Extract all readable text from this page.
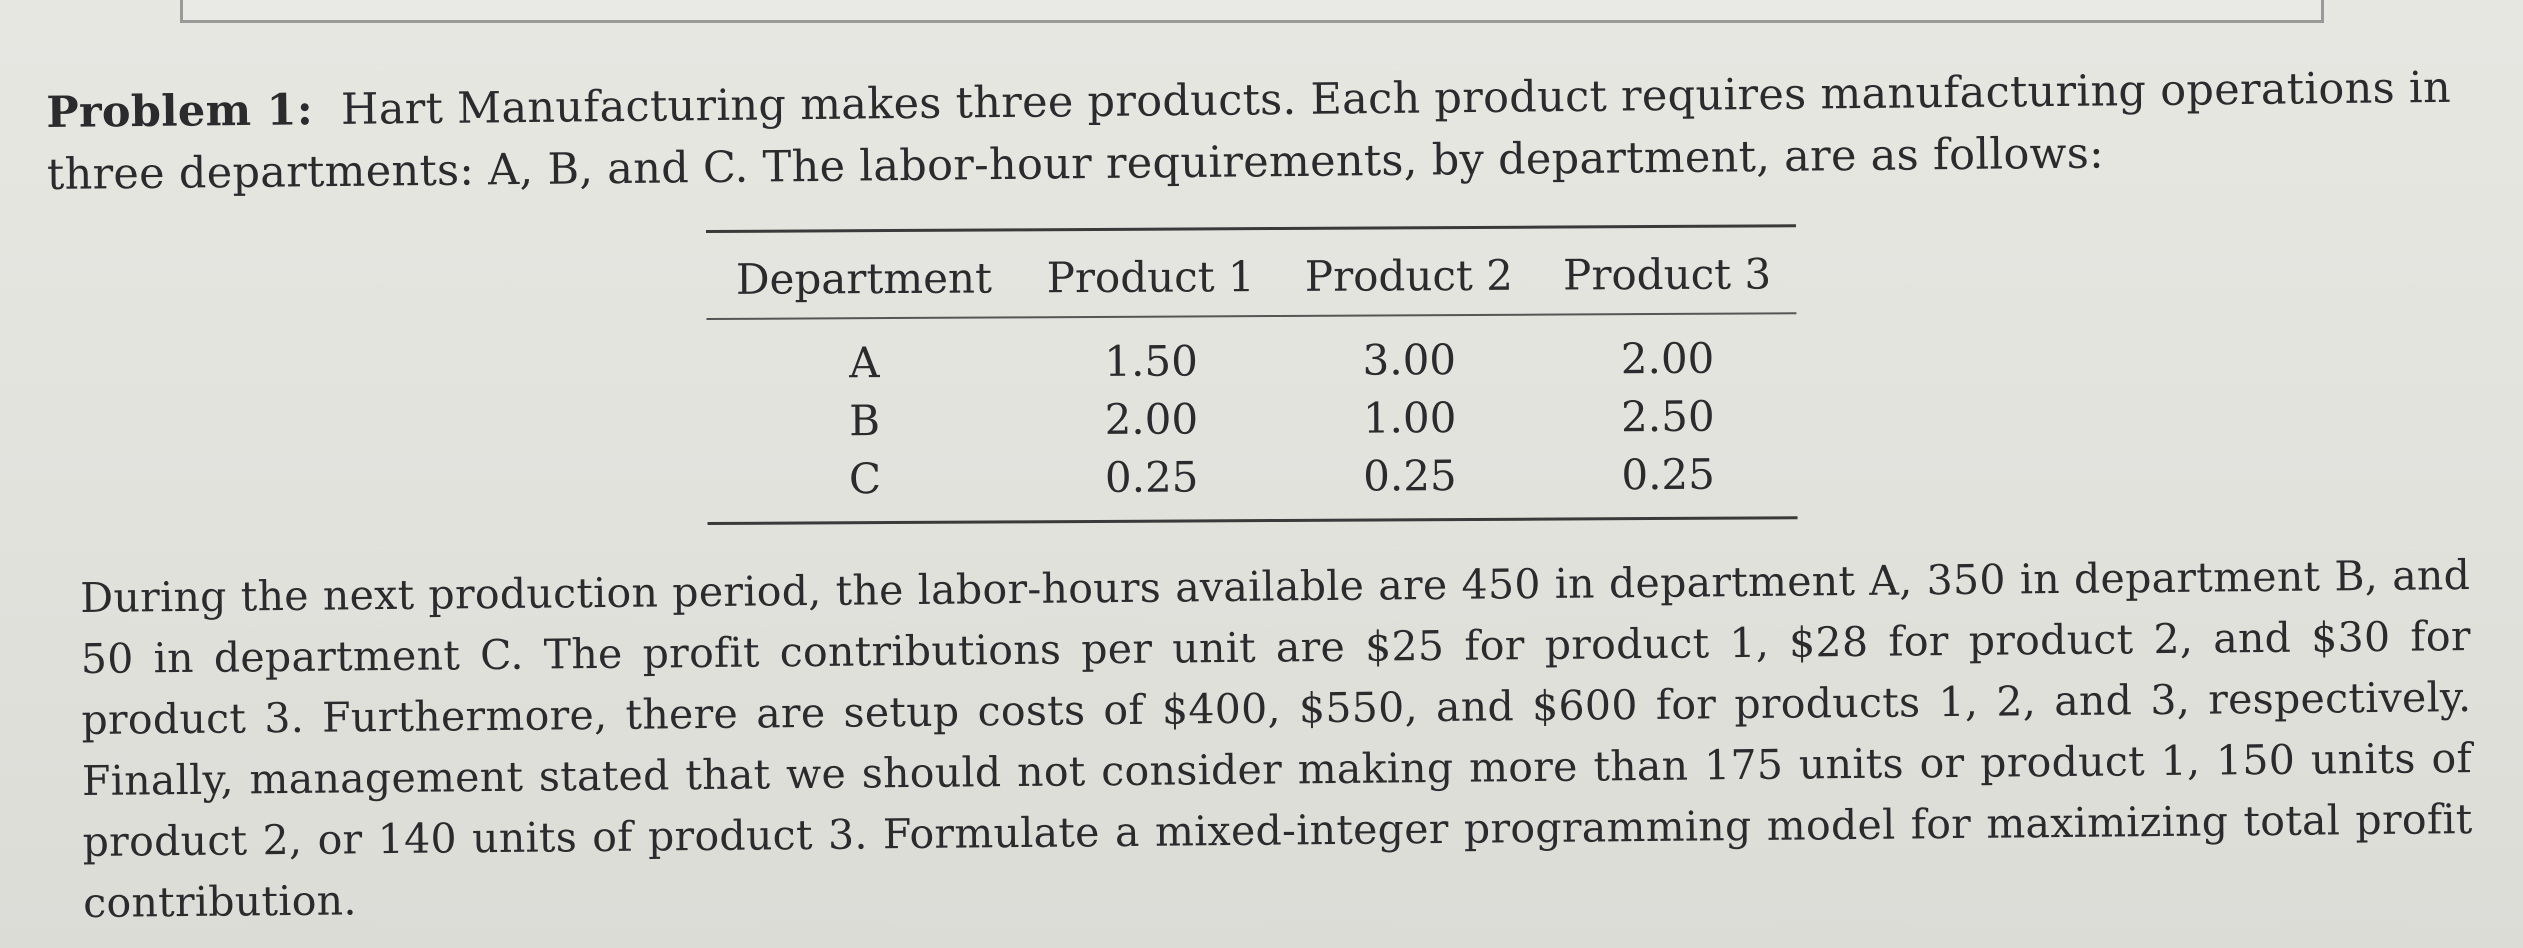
Problem 1: Hart Manufacturing makes three products. Each product requires manufacturing operations in three departments: A, B, and C. The labor-hour requirements, by department, are as follows:

Department	Product 1	Product 2	Product 3
A	1.50	3.00	2.00
B	2.00	1.00	2.50
C	0.25	0.25	0.25

During the next production period, the labor-hours available are 450 in department A, 350 in department B, and 50 in department C. The profit contributions per unit are $25 for product 1, $28 for product 2, and $30 for product 3. Furthermore, there are setup costs of $400, $550, and $600 for products 1, 2, and 3, respectively. Finally, management stated that we should not consider making more than 175 units or product 1, 150 units of product 2, or 140 units of product 3. Formulate a mixed-integer programming model for maximizing total profit contribution.
